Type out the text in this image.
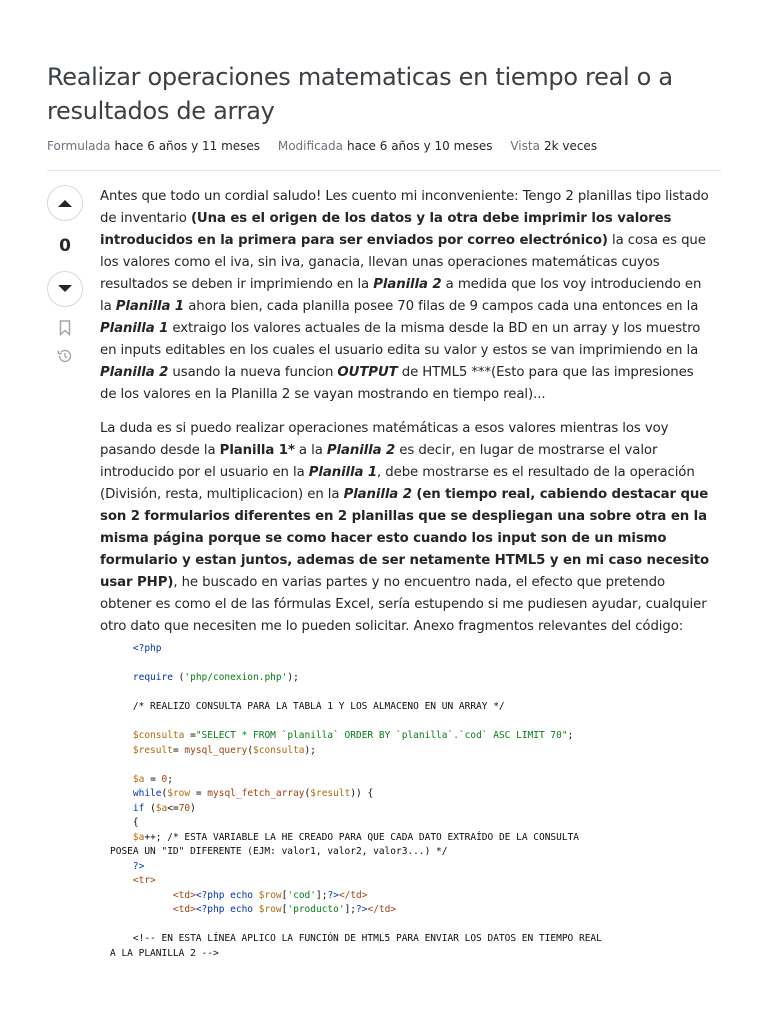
Realizar operaciones matematicas en tiempo real o a resultados de array
Formulada hace 6 años y 11 meses Modificada hace 6 años y 10 meses Vista 2k veces
0

Antes que todo un cordial saludo! Les cuento mi inconveniente: Tengo 2 planillas tipo listado de inventario (Una es el origen de los datos y la otra debe imprimir los valores introducidos en la primera para ser enviados por correo electrónico) la cosa es que los valores como el iva, sin iva, ganacia, llevan unas operaciones matemáticas cuyos resultados se deben ir imprimiendo en la Planilla 2 a medida que los voy introduciendo en la Planilla 1 ahora bien, cada planilla posee 70 filas de 9 campos cada una entonces en la Planilla 1 extraigo los valores actuales de la misma desde la BD en un array y los muestro en inputs editables en los cuales el usuario edita su valor y estos se van imprimiendo en la Planilla 2 usando la nueva funcion OUTPUT de HTML5 ***(Esto para que las impresiones de los valores en la Planilla 2 se vayan mostrando en tiempo real)...

La duda es si puedo realizar operaciones matémáticas a esos valores mientras los voy pasando desde la Planilla 1* a la Planilla 2 es decir, en lugar de mostrarse el valor introducido por el usuario en la Planilla 1, debe mostrarse es el resultado de la operación (División, resta, multiplicacion) en la Planilla 2 (en tiempo real, cabiendo destacar que son 2 formularios diferentes en 2 planillas que se despliegan una sobre otra en la misma página porque se como hacer esto cuando los input son de un mismo formulario y estan juntos, ademas de ser netamente HTML5 y en mi caso necesito usar PHP), he buscado en varias partes y no encuentro nada, el efecto que pretendo obtener es como el de las fórmulas Excel, sería estupendo si me pudiesen ayudar, cualquier otro dato que necesiten me lo pueden solicitar. Anexo fragmentos relevantes del código:

<?php

require ('php/conexion.php');

/* REALIZO CONSULTA PARA LA TABLA 1 Y LOS ALMACENO EN UN ARRAY */

$consulta ="SELECT * FROM `planilla` ORDER BY `planilla`.`cod` ASC LIMIT 70";
$result= mysql_query($consulta);

$a = 0;
while($row = mysql_fetch_array($result)) {
if ($a<=70)
{
$a++; /* ESTA VARIABLE LA HE CREADO PARA QUE CADA DATO EXTRAÍDO DE LA CONSULTA
POSEA UN "ID" DIFERENTE (EJM: valor1, valor2, valor3...) */
?>
<tr>
<td><?php echo $row['cod'];?></td>
<td><?php echo $row['producto'];?></td>

<!-- EN ESTA LÍNEA APLICO LA FUNCIÓN DE HTML5 PARA ENVIAR LOS DATOS EN TIEMPO REAL
A LA PLANILLA 2 -->
